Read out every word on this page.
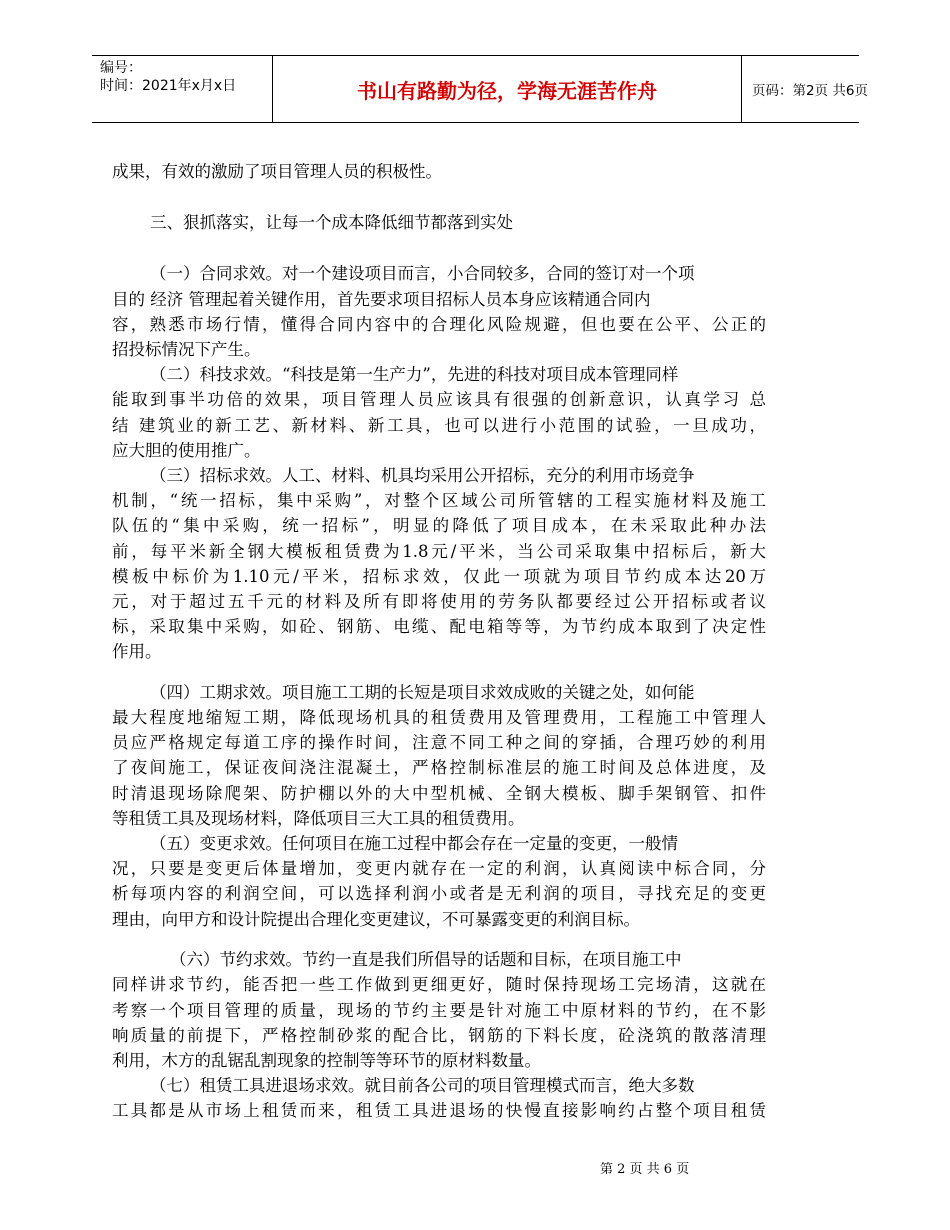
编号：
时间：2021年x月x日	书山有路勤为径，学海无涯苦作舟	页码：第2页 共6页
成果，有效的激励了项目管理人员的积极性。
三、狠抓落实，让每一个成本降低细节都落到实处
（一）合同求效。对一个建设项目而言，小合同较多，合同的签订对一个项
目的 经济 管理起着关键作用，首先要求项目招标人员本身应该精通合同内
容，熟悉市场行情，懂得合同内容中的合理化风险规避，但也要在公平、公正的
招投标情况下产生。
（二）科技求效。“科技是第一生产力”，先进的科技对项目成本管理同样
能取到事半功倍的效果，项目管理人员应该具有很强的创新意识，认真学习 总
结 建筑业的新工艺、新材料、新工具，也可以进行小范围的试验，一旦成功，
应大胆的使用推广。
（三）招标求效。人工、材料、机具均采用公开招标，充分的利用市场竞争
机制，“统一招标，集中采购”，对整个区域公司所管辖的工程实施材料及施工
队伍的“集中采购，统一招标”，明显的降低了项目成本，在未采取此种办法
前，每平米新全钢大模板租赁费为1.8元/平米，当公司采取集中招标后，新大
模板中标价为1.10元/平米，招标求效，仅此一项就为项目节约成本达20万
元，对于超过五千元的材料及所有即将使用的劳务队都要经过公开招标或者议
标，采取集中采购，如砼、钢筋、电缆、配电箱等等，为节约成本取到了决定性
作用。
（四）工期求效。项目施工工期的长短是项目求效成败的关键之处，如何能
最大程度地缩短工期，降低现场机具的租赁费用及管理费用，工程施工中管理人
员应严格规定每道工序的操作时间，注意不同工种之间的穿插，合理巧妙的利用
了夜间施工，保证夜间浇注混凝土，严格控制标准层的施工时间及总体进度，及
时清退现场除爬架、防护棚以外的大中型机械、全钢大模板、脚手架钢管、扣件
等租赁工具及现场材料，降低项目三大工具的租赁费用。
（五）变更求效。任何项目在施工过程中都会存在一定量的变更，一般情
况，只要是变更后体量增加，变更内就存在一定的利润，认真阅读中标合同，分
析每项内容的利润空间，可以选择利润小或者是无利润的项目，寻找充足的变更
理由，向甲方和设计院提出合理化变更建议，不可暴露变更的利润目标。
（六）节约求效。节约一直是我们所倡导的话题和目标，在项目施工中
同样讲求节约，能否把一些工作做到更细更好，随时保持现场工完场清，这就在
考察一个项目管理的质量，现场的节约主要是针对施工中原材料的节约，在不影
响质量的前提下，严格控制砂浆的配合比，钢筋的下料长度，砼浇筑的散落清理
利用，木方的乱锯乱割现象的控制等等环节的原材料数量。
（七）租赁工具进退场求效。就目前各公司的项目管理模式而言，绝大多数
工具都是从市场上租赁而来，租赁工具进退场的快慢直接影响约占整个项目租赁
第 2 页 共 6 页
